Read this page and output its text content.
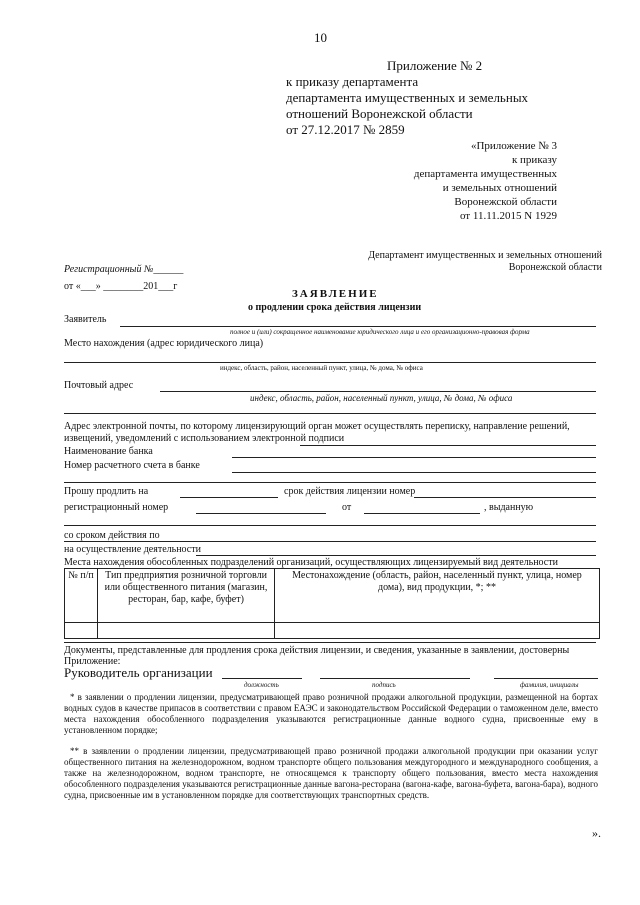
10
Приложение № 2
к приказу департамента
департамента имущественных и земельных
отношений Воронежской области
от 27.12.2017 № 2859
«Приложение № 3
к приказу
департамента имущественных
и земельных отношений
Воронежской области
от 11.11.2015 N 1929
Департамент имущественных и земельных отношений
Воронежской области
Регистрационный №______
от «___» ________201___г
ЗАЯВЛЕНИЕ
о продлении срока действия лицензии
Заявитель
полное и (или) сокращенное наименование юридического лица и его организационно-правовая форма
Место нахождения (адрес юридического лица)
индекс, область, район, населенный пункт, улица, № дома, № офиса
Почтовый адрес
индекс, область, район, населенный пункт, улица, № дома, № офиса
Адрес электронной почты, по которому лицензирующий орган может осуществлять переписку, направление решений,
извещений, уведомлений с использованием электронной подписи
Наименование банка
Номер расчетного счета в банке
Прошу продлить на	срок действия лицензии номер
регистрационный номер	от	, выданную
со сроком действия по
на осуществление деятельности
Места нахождения обособленных подразделений организаций, осуществляющих лицензируемый вид деятельности
№ п/п	Тип предприятия розничной торговли или общественного питания (магазин, ресторан, бар, кафе, буфет)	Местонахождение (область, район, населенный пункт, улица, номер дома), вид продукции, *; **

Документы, представленные для продления срока действия лицензии, и сведения, указанные в заявлении, достоверны
Приложение:
Руководитель организации
должность	подпись	фамилия, инициалы
* в заявлении о продлении лицензии, предусматривающей право розничной продажи алкогольной продукции, размещенной на бортах водных судов в качестве припасов в соответствии с правом ЕАЭС и законодательством Российской Федерации о таможенном деле, вместо места нахождения обособленного подразделения указываются регистрационные данные водного судна, присвоенные ему в установленном порядке;
** в заявлении о продлении лицензии, предусматривающей право розничной продажи алкогольной продукции при оказании услуг общественного питания на железнодорожном, водном транспорте общего пользования междугородного и международного сообщения, а также на железнодорожном, водном транспорте, не относящемся к транспорту общего пользования, вместо места нахождения обособленного подразделения указываются регистрационные данные вагона-ресторана (вагона-кафе, вагона-буфета, вагона-бара), водного судна, присвоенные им в установленном порядке для соответствующих транспортных средств.
».
